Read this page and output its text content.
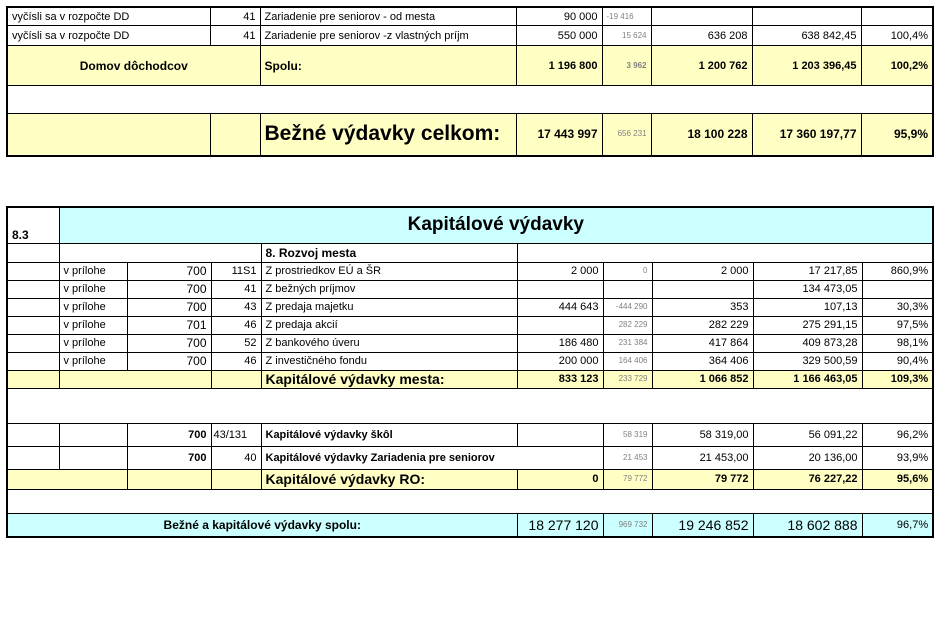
vyčísli sa v rozpočte DD	41	Zariadenie pre seniorov - od mesta	90 000	-19 416			
vyčísli sa v rozpočte DD	41	Zariadenie pre seniorov -z vlastných príjm	550 000	15 624	636 208	638 842,45	100,4%
Domov dôchodcov		Spolu:	1 196 800	3 962	1 200 762	1 203 396,45	100,2%

		Bežné výdavky celkom:	17 443 997	656 231	18 100 228	17 360 197,77	95,9%
8.3	Kapitálové výdavky								
				8. Rozvoj mesta					
	v prílohe	700	11S1	Z prostriedkov EÚ a ŠR	2 000	0	2 000	17 217,85	860,9%
	v prílohe	700	41	Z bežných príjmov				134 473,05	
	v prílohe	700	43	Z predaja majetku	444 643	-444 290	353	107,13	30,3%
	v prílohe	701	46	Z predaja akcií		282 229	282 229	275 291,15	97,5%
	v prílohe	700	52	Z bankového úveru	186 480	231 384	417 864	409 873,28	98,1%
	v prílohe	700	46	Z investičného fondu	200 000	164 406	364 406	329 500,59	90,4%
				Kapitálové výdavky mesta:	833 123	233 729	1 066 852	1 166 463,05	109,3%

		700	43/131	Kapitálové výdavky škôl		58 319	58 319,00	56 091,22	96,2%
		700	40	Kapitálové výdavky Zariadenia pre seniorov		21 453	21 453,00	20 136,00	93,9%
				Kapitálové výdavky RO:	0	79 772	79 772	76 227,22	95,6%

Bežné a kapitálové výdavky spolu:					18 277 120	969 732	19 246 852	18 602 888	96,7%
